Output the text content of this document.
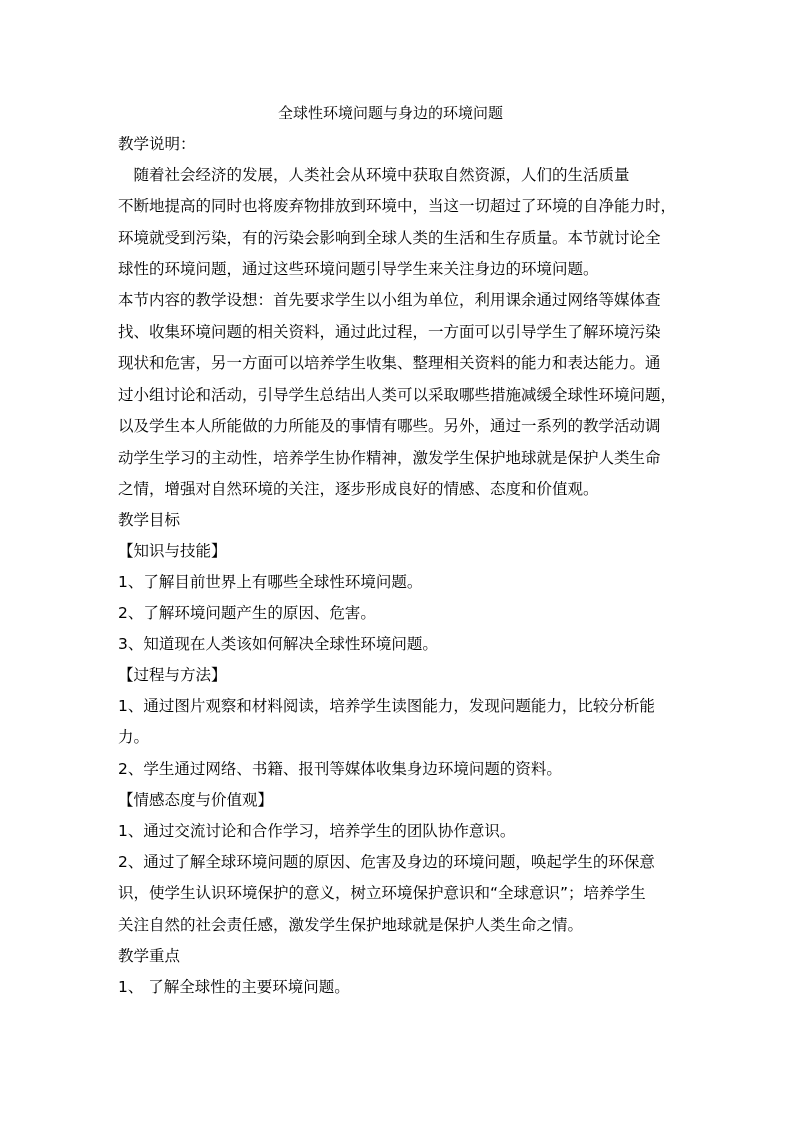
全球性环境问题与身边的环境问题
教学说明：
　随着社会经济的发展，人类社会从环境中获取自然资源，人们的生活质量
不断地提高的同时也将废弃物排放到环境中，当这一切超过了环境的自净能力时，
环境就受到污染，有的污染会影响到全球人类的生活和生存质量。本节就讨论全
球性的环境问题，通过这些环境问题引导学生来关注身边的环境问题。
本节内容的教学设想：首先要求学生以小组为单位，利用课余通过网络等媒体查
找、收集环境问题的相关资料，通过此过程，一方面可以引导学生了解环境污染
现状和危害，另一方面可以培养学生收集、整理相关资料的能力和表达能力。通
过小组讨论和活动，引导学生总结出人类可以采取哪些措施减缓全球性环境问题，
以及学生本人所能做的力所能及的事情有哪些。另外，通过一系列的教学活动调
动学生学习的主动性，培养学生协作精神，激发学生保护地球就是保护人类生命
之情，增强对自然环境的关注，逐步形成良好的情感、态度和价值观。
教学目标
【知识与技能】
1、了解目前世界上有哪些全球性环境问题。
2、了解环境问题产生的原因、危害。
3、知道现在人类该如何解决全球性环境问题。
【过程与方法】
1、通过图片观察和材料阅读，培养学生读图能力，发现问题能力，比较分析能
力。
2、学生通过网络、书籍、报刊等媒体收集身边环境问题的资料。
【情感态度与价值观】
1、通过交流讨论和合作学习，培养学生的团队协作意识。
2、通过了解全球环境问题的原因、危害及身边的环境问题，唤起学生的环保意
识，使学生认识环境保护的意义，树立环境保护意识和“全球意识”；培养学生
关注自然的社会责任感，激发学生保护地球就是保护人类生命之情。
教学重点
1、 了解全球性的主要环境问题。
